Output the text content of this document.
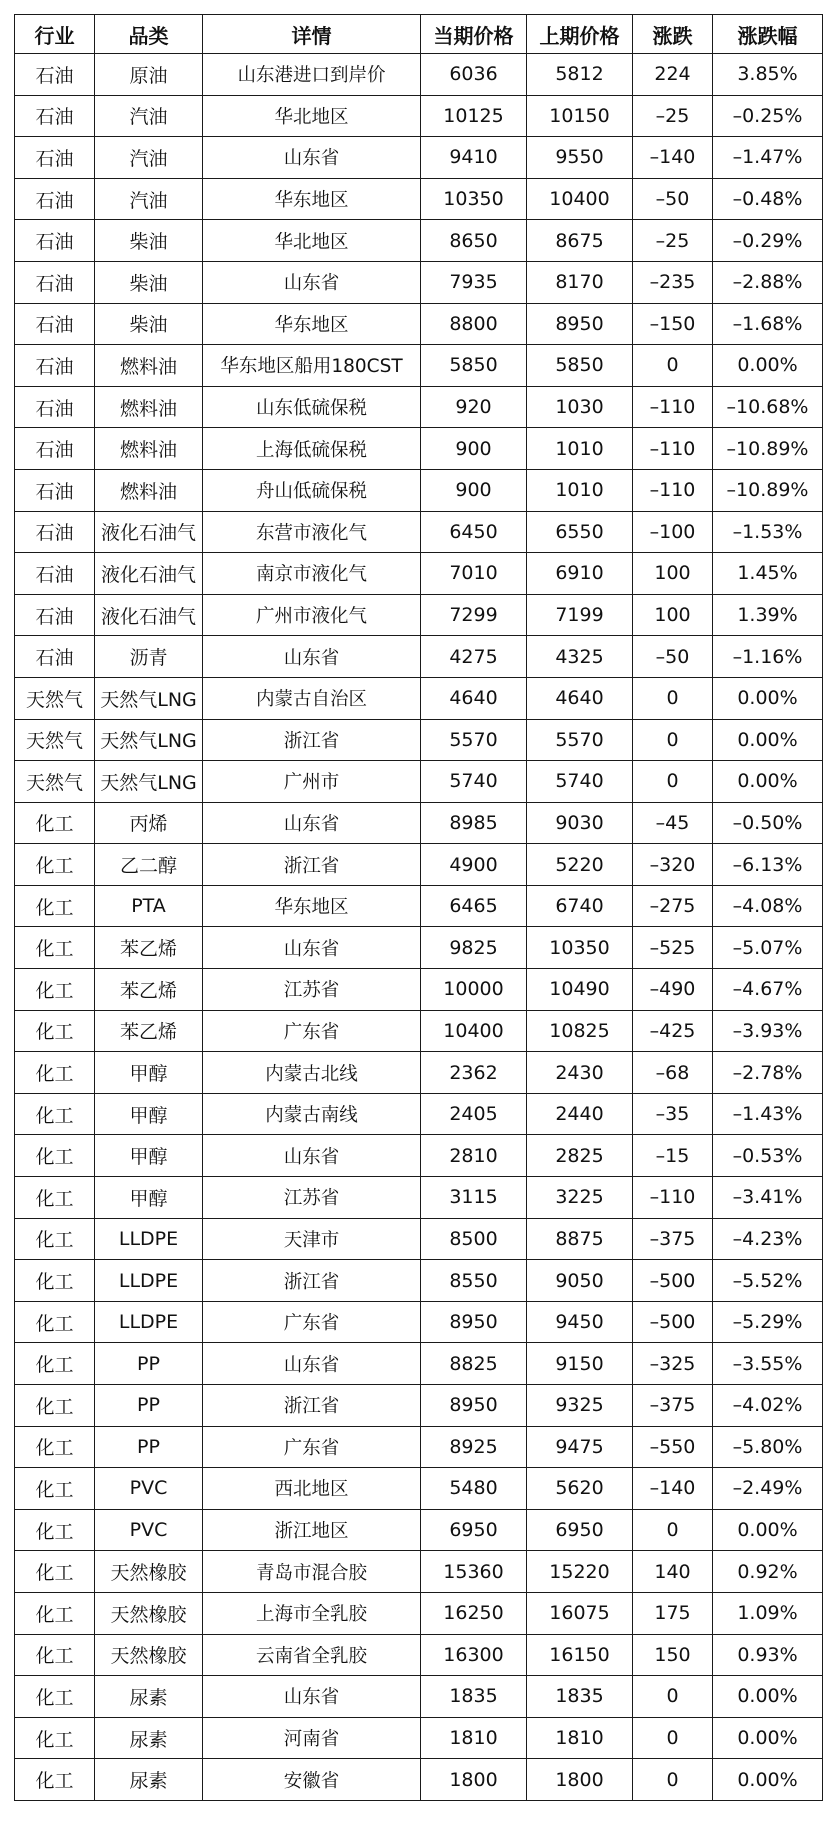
行业	品类	详情	当期价格	上期价格	涨跌	涨跌幅
石油	原油	山东港进口到岸价	6036	5812	224	3.85%
石油	汽油	华北地区	10125	10150	–25	–0.25%
石油	汽油	山东省	9410	9550	–140	–1.47%
石油	汽油	华东地区	10350	10400	–50	–0.48%
石油	柴油	华北地区	8650	8675	–25	–0.29%
石油	柴油	山东省	7935	8170	–235	–2.88%
石油	柴油	华东地区	8800	8950	–150	–1.68%
石油	燃料油	华东地区船用180CST	5850	5850	0	0.00%
石油	燃料油	山东低硫保税	920	1030	–110	–10.68%
石油	燃料油	上海低硫保税	900	1010	–110	–10.89%
石油	燃料油	舟山低硫保税	900	1010	–110	–10.89%
石油	液化石油气	东营市液化气	6450	6550	–100	–1.53%
石油	液化石油气	南京市液化气	7010	6910	100	1.45%
石油	液化石油气	广州市液化气	7299	7199	100	1.39%
石油	沥青	山东省	4275	4325	–50	–1.16%
天然气	天然气LNG	内蒙古自治区	4640	4640	0	0.00%
天然气	天然气LNG	浙江省	5570	5570	0	0.00%
天然气	天然气LNG	广州市	5740	5740	0	0.00%
化工	丙烯	山东省	8985	9030	–45	–0.50%
化工	乙二醇	浙江省	4900	5220	–320	–6.13%
化工	PTA	华东地区	6465	6740	–275	–4.08%
化工	苯乙烯	山东省	9825	10350	–525	–5.07%
化工	苯乙烯	江苏省	10000	10490	–490	–4.67%
化工	苯乙烯	广东省	10400	10825	–425	–3.93%
化工	甲醇	内蒙古北线	2362	2430	–68	–2.78%
化工	甲醇	内蒙古南线	2405	2440	–35	–1.43%
化工	甲醇	山东省	2810	2825	–15	–0.53%
化工	甲醇	江苏省	3115	3225	–110	–3.41%
化工	LLDPE	天津市	8500	8875	–375	–4.23%
化工	LLDPE	浙江省	8550	9050	–500	–5.52%
化工	LLDPE	广东省	8950	9450	–500	–5.29%
化工	PP	山东省	8825	9150	–325	–3.55%
化工	PP	浙江省	8950	9325	–375	–4.02%
化工	PP	广东省	8925	9475	–550	–5.80%
化工	PVC	西北地区	5480	5620	–140	–2.49%
化工	PVC	浙江地区	6950	6950	0	0.00%
化工	天然橡胶	青岛市混合胶	15360	15220	140	0.92%
化工	天然橡胶	上海市全乳胶	16250	16075	175	1.09%
化工	天然橡胶	云南省全乳胶	16300	16150	150	0.93%
化工	尿素	山东省	1835	1835	0	0.00%
化工	尿素	河南省	1810	1810	0	0.00%
化工	尿素	安徽省	1800	1800	0	0.00%
